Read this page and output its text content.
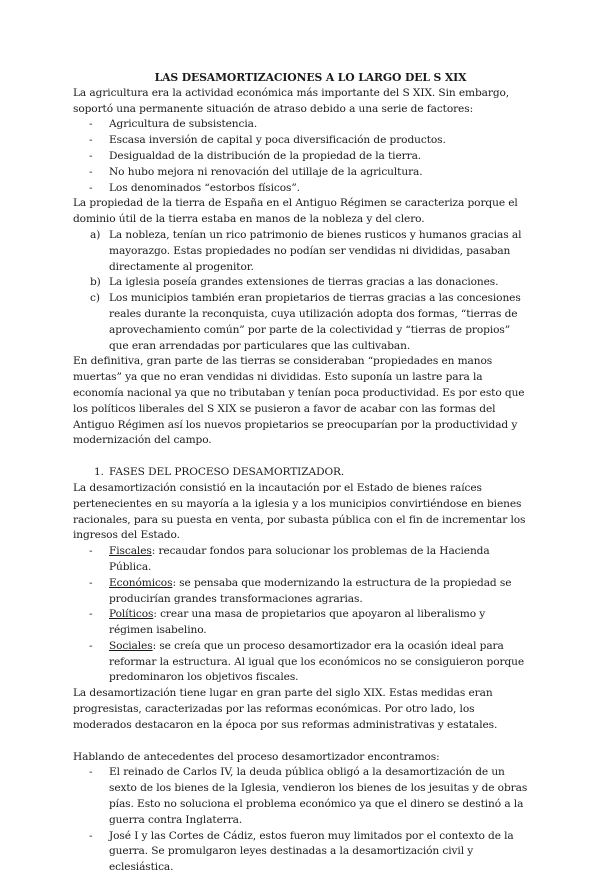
LAS DESAMORTIZACIONES A LO LARGO DEL S XIX

La agricultura era la actividad económica más importante del S XIX. Sin embargo, soportó una permanente situación de atraso debido a una serie de factores:

- Agricultura de subsistencia.
- Escasa inversión de capital y poca diversificación de productos.
- Desigualdad de la distribución de la propiedad de la tierra.
- No hubo mejora ni renovación del utillaje de la agricultura.
- Los denominados “estorbos físicos”.

La propiedad de la tierra de España en el Antiguo Régimen se caracteriza porque el dominio útil de la tierra estaba en manos de la nobleza y del clero.

a) La nobleza, tenían un rico patrimonio de bienes rusticos y humanos gracias al mayorazgo. Estas propiedades no podían ser vendidas ni divididas, pasaban directamente al progenitor.
b) La iglesia poseía grandes extensiones de tierras gracias a las donaciones.
c) Los municipios también eran propietarios de tierras gracias a las concesiones reales durante la reconquista, cuya utilización adopta dos formas, “tierras de aprovechamiento común” por parte de la colectividad y “tierras de propios” que eran arrendadas por particulares que las cultivaban.

En definitiva, gran parte de las tierras se consideraban “propiedades en manos muertas” ya que no eran vendidas ni divididas. Esto suponía un lastre para la economía nacional ya que no tributaban y tenían poca productividad. Es por esto que los políticos liberales del S XIX se pusieron a favor de acabar con las formas del Antiguo Régimen así los nuevos propietarios se preocuparían por la productividad y modernización del campo.

1. FASES DEL PROCESO DESAMORTIZADOR.

La desamortización consistió en la incautación por el Estado de bienes raíces pertenecientes en su mayoría a la iglesia y a los municipios convirtiéndose en bienes racionales, para su puesta en venta, por subasta pública con el fin de incrementar los ingresos del Estado.

- Fiscales: recaudar fondos para solucionar los problemas de la Hacienda Pública.
- Económicos: se pensaba que modernizando la estructura de la propiedad se producirían grandes transformaciones agrarias.
- Políticos: crear una masa de propietarios que apoyaron al liberalismo y régimen isabelino.
- Sociales: se creía que un proceso desamortizador era la ocasión ideal para reformar la estructura. Al igual que los económicos no se consiguieron porque predominaron los objetivos fiscales.

La desamortización tiene lugar en gran parte del siglo XIX. Estas medidas eran progresistas, caracterizadas por las reformas económicas. Por otro lado, los moderados destacaron en la época por sus reformas administrativas y estatales.

Hablando de antecedentes del proceso desamortizador encontramos:

- El reinado de Carlos IV, la deuda pública obligó a la desamortización de un sexto de los bienes de la Iglesia, vendieron los bienes de los jesuitas y de obras pías. Esto no soluciona el problema económico ya que el dinero se destinó a la guerra contra Inglaterra.
- José I y las Cortes de Cádiz, estos fueron muy limitados por el contexto de la guerra. Se promulgaron leyes destinadas a la desamortización civil y eclesiástica.
